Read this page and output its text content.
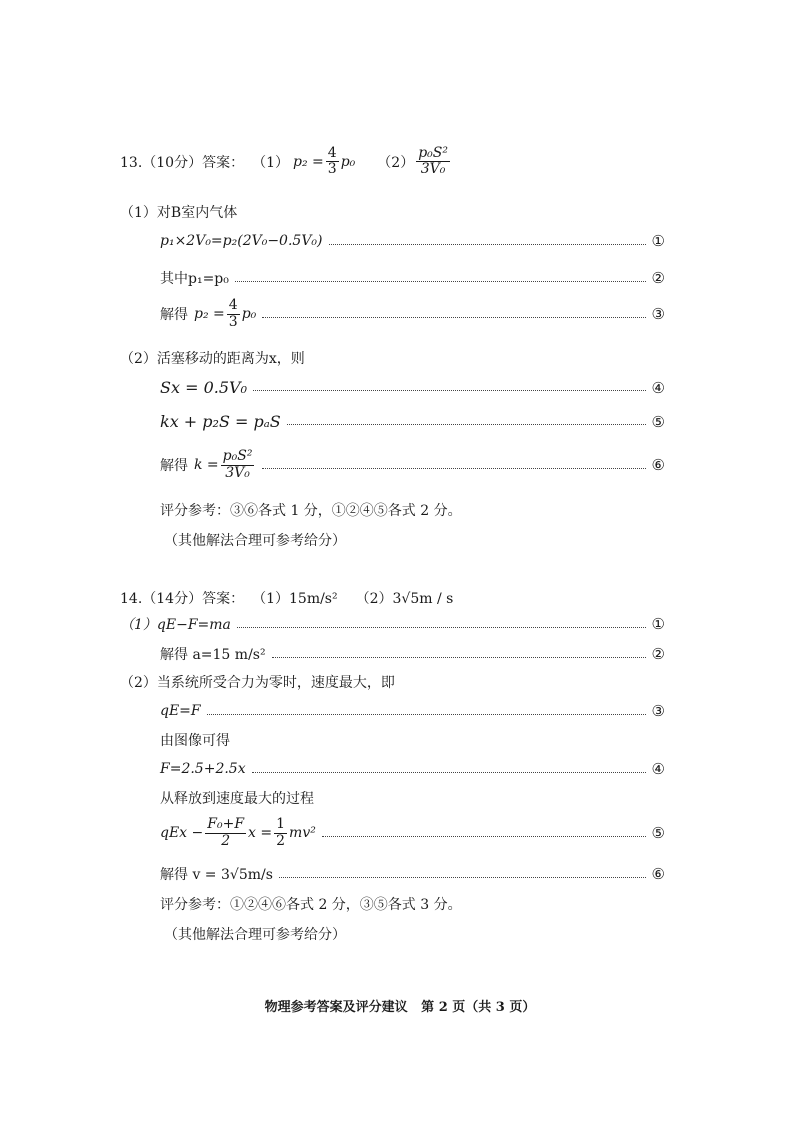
13.（10分）答案： （1） $p_2 = \frac{4}{3} p_0$ $(2) \frac{\text{p₀S²}}{\text{3V₀}}$
（1）对B室内气体
p₁×2V₀=p₂(2V₀−0.5V₀)	①
其中p₁=p₀	②
解得 $p_2 = \frac{4}{3} p_0$	③
（2）活塞移动的距离为x，则
Sx = 0.5V₀	④
kx + p₂S = pₐS	⑤
解得 $k = \frac{\text{p₀S²}}{\text{3V₀}}$	⑥
评分参考：③⑥各式 1 分，①②④⑤各式 2 分。
（其他解法合理可参考给分）
14.（14分）答案： （1）15m/s² （2）3√5m / s
（1）qE−F=ma	①
解得 a=15 m/s²	②
（2）当系统所受合力为零时，速度最大，即
qE=F	③
由图像可得
F=2.5+2.5x	④
从释放到速度最大的过程
qEx − $\frac{\text{F₀+F}}{2}$ $x = \frac{1}{2} mv^2$	⑤
解得 v = 3√5m/s	⑥
评分参考：①②④⑥各式 2 分，③⑤各式 3 分。
（其他解法合理可参考给分）
物理参考答案及评分建议   第 2 页（共 3 页）
